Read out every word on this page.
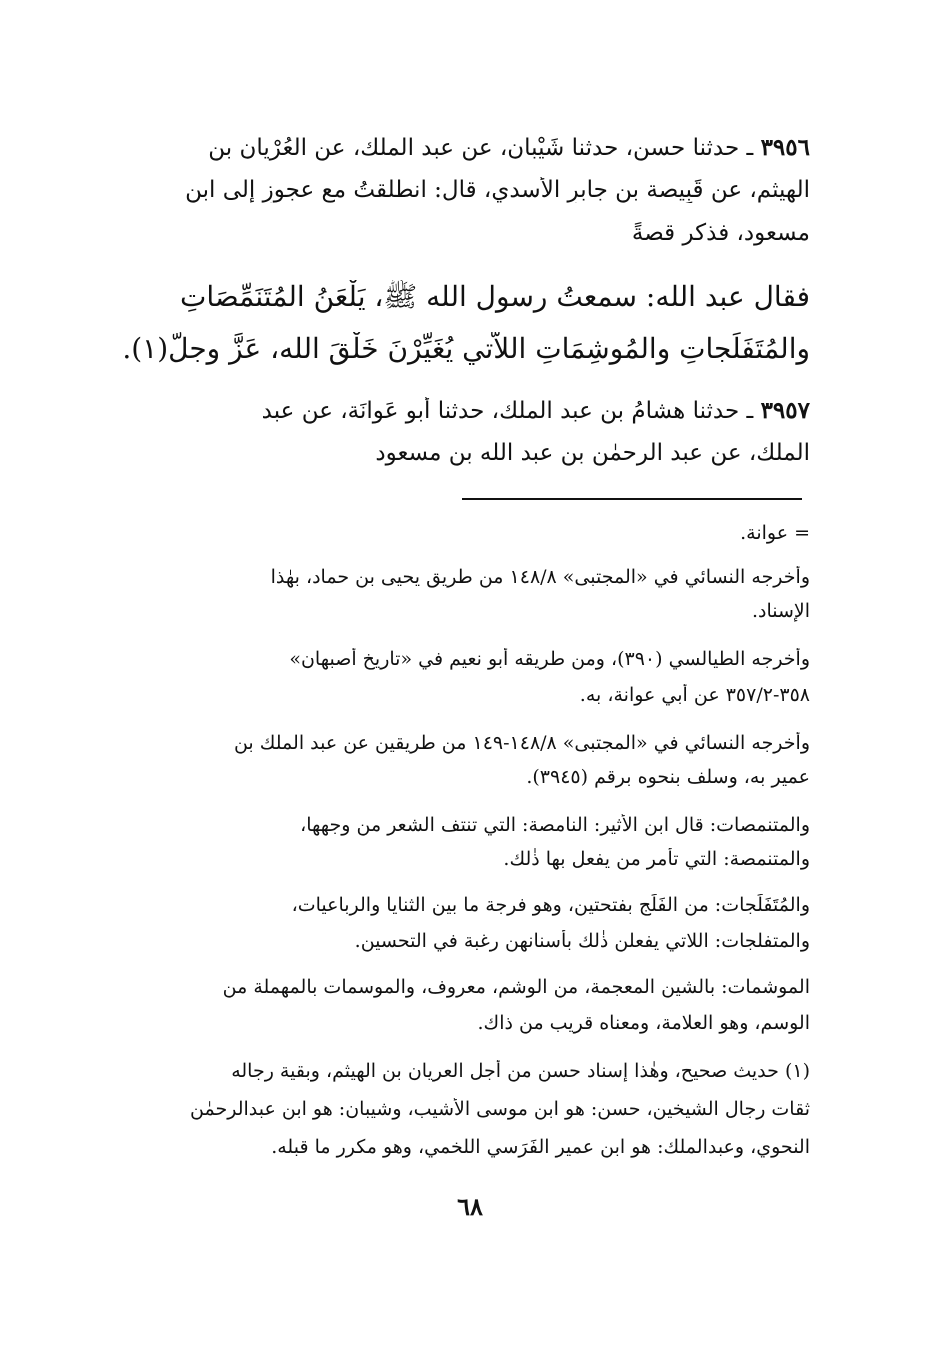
٣٩٥٦ ـ حدثنا حسن، حدثنا شَيْبان، عن عبد الملك، عن العُرْيان بن
الهيثم، عن قَبِيصة بن جابرٍ الأسدي، قال: انطلقتُ مع عجوزٍ إلى ابن
مسعود، فذكر قصةً
فقال عبد الله: سمعتُ رسول الله ﷺ، يَلْعَنُ المُتَنَمِّصَاتِ
والمُتَفَلِّجاتِ والمُوشِمَاتِ اللاَّتي يُغَيِّرْنَ خَلْقَ الله، عَزَّ وجلَّ(١).
٣٩٥٧ ـ حدثنا هشامُ بن عبد الملك، حدثنا أبو عَوانَة، عن عبد
الملك، عن عبد الرحمٰن بن عبد الله بن مسعود
= عوانة.
وأخرجه النسائي في «المجتبى» ١٤٨/٨ من طريق يحيى بن حماد، بهٰذا
الإسناد.
وأخرجه الطيالسي (٣٩٠)، ومن طريقه أبو نعيم في «تاريخ أصبهان»
٣٥٨-٣٥٧/٢ عن أبي عوانة، به.
وأخرجه النسائي في «المجتبى» ١٤٨/٨-١٤٩ من طريقين عن عبد الملك بن
عمير به، وسلف بنحوه برقم (٣٩٤٥).
والمتنمصات: قال ابن الأثير: النامصة: التي تنتف الشعر من وجهها،
والمتنمصة: التي تأمر من يفعل بها ذٰلك.
والمُتَفَلِّجات: من الفَلَج بفتحتين، وهو فرجة ما بين الثنايا والرباعيات،
والمتفلجات: اللاتي يفعلن ذٰلك بأسنانهن رغبة في التحسين.
الموشمات: بالشين المعجمة، من الوشم، معروف، والموسمات بالمهملة من
الوسم، وهو العلامة، ومعناه قريب من ذاك.
(١) حديث صحيح، وهٰذا إسناد حسن من أجل العريان بن الهيثم، وبقية رجاله
ثقات رجال الشيخين، حسن: هو ابن موسى الأشيب، وشيبان: هو ابن عبدالرحمٰن
النحوي، وعبدالملك: هو ابن عمير الفَرَسي اللخمي، وهو مكرر ما قبله.
٦٨
